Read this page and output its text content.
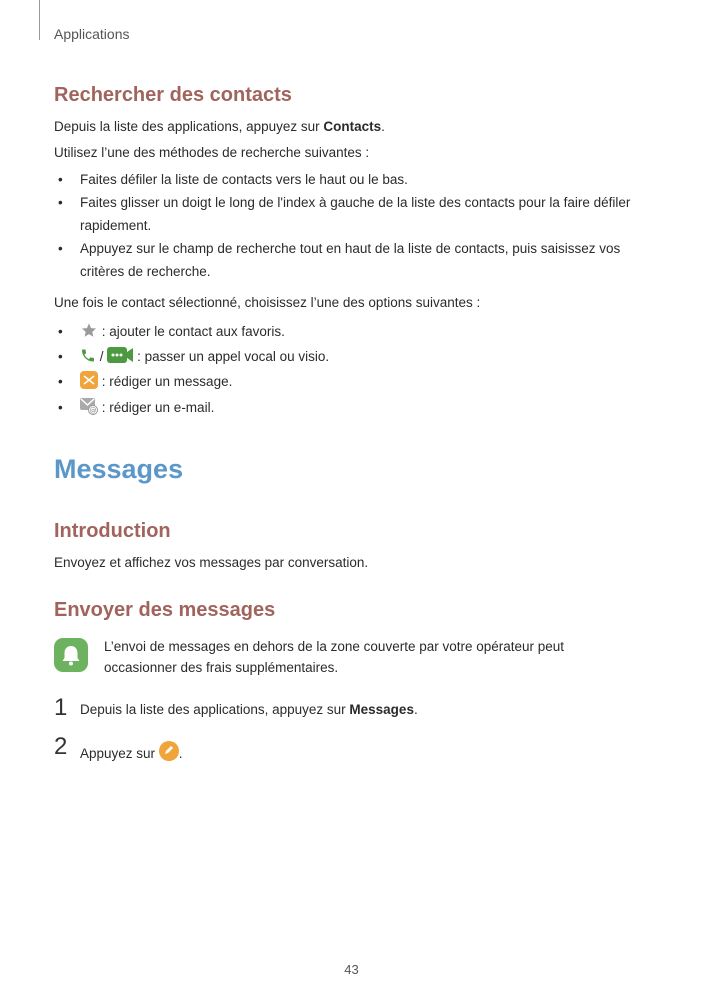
Applications
Rechercher des contacts
Depuis la liste des applications, appuyez sur Contacts.
Utilisez l’une des méthodes de recherche suivantes :
• Faites défiler la liste de contacts vers le haut ou le bas.
• Faites glisser un doigt le long de l'index à gauche de la liste des contacts pour la faire défiler rapidement.
• Appuyez sur le champ de recherche tout en haut de la liste de contacts, puis saisissez vos critères de recherche.
Une fois le contact sélectionné, choisissez l’une des options suivantes :
•	: ajouter le contact aux favoris.
•	/ : passer un appel vocal ou visio.
•	: rédiger un message.
•	@ : rédiger un e-mail.
Messages
Introduction
Envoyez et affichez vos messages par conversation.
Envoyer des messages
L’envoi de messages en dehors de la zone couverte par votre opérateur peut occasionner des frais supplémentaires.
1 Depuis la liste des applications, appuyez sur Messages.
2 Appuyez sur .
43
